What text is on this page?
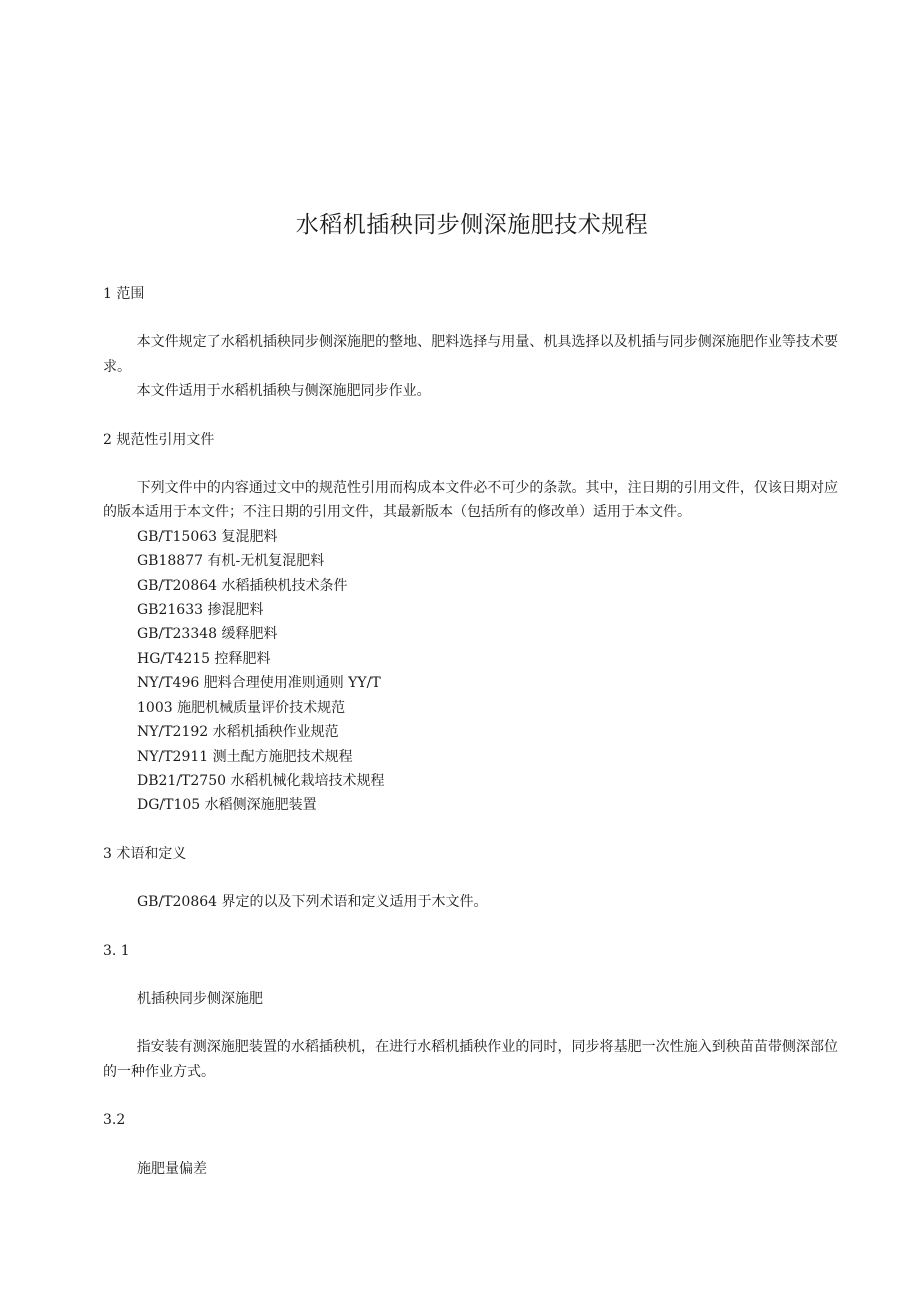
水稻机插秧同步侧深施肥技术规程

1 范围

本文件规定了水稻机插秧同步侧深施肥的整地、肥料选择与用量、机具选择以及机插与同步侧深施肥作业等技术要求。

本文件适用于水稻机插秧与侧深施肥同步作业。

2 规范性引用文件

下列文件中的内容通过文中的规范性引用而构成本文件必不可少的条款。其中，注日期的引用文件，仅该日期对应的版本适用于本文件；不注日期的引用文件，其最新版本（包括所有的修改单）适用于本文件。

GB/T15063 复混肥料
GB18877 有机-无机复混肥料
GB/T20864 水稻插秧机技术条件
GB21633 掺混肥料
GB/T23348 缓释肥料
HG/T4215 控释肥料
NY/T496 肥料合理使用准则通则 YY/T
1003 施肥机械质量评价技术规范
NY/T2192 水稻机插秧作业规范
NY/T2911 测土配方施肥技术规程
DB21/T2750 水稻机械化栽培技术规程
DG/T105 水稻侧深施肥装置

3 术语和定义

GB/T20864 界定的以及下列术语和定义适用于木文件。

3. 1

机插秧同步侧深施肥

指安装有测深施肥装置的水稻插秧机，在进行水稻机插秧作业的同时，同步将基肥一次性施入到秧苗苗带侧深部位的一种作业方式。

3.2

施肥量偏差
